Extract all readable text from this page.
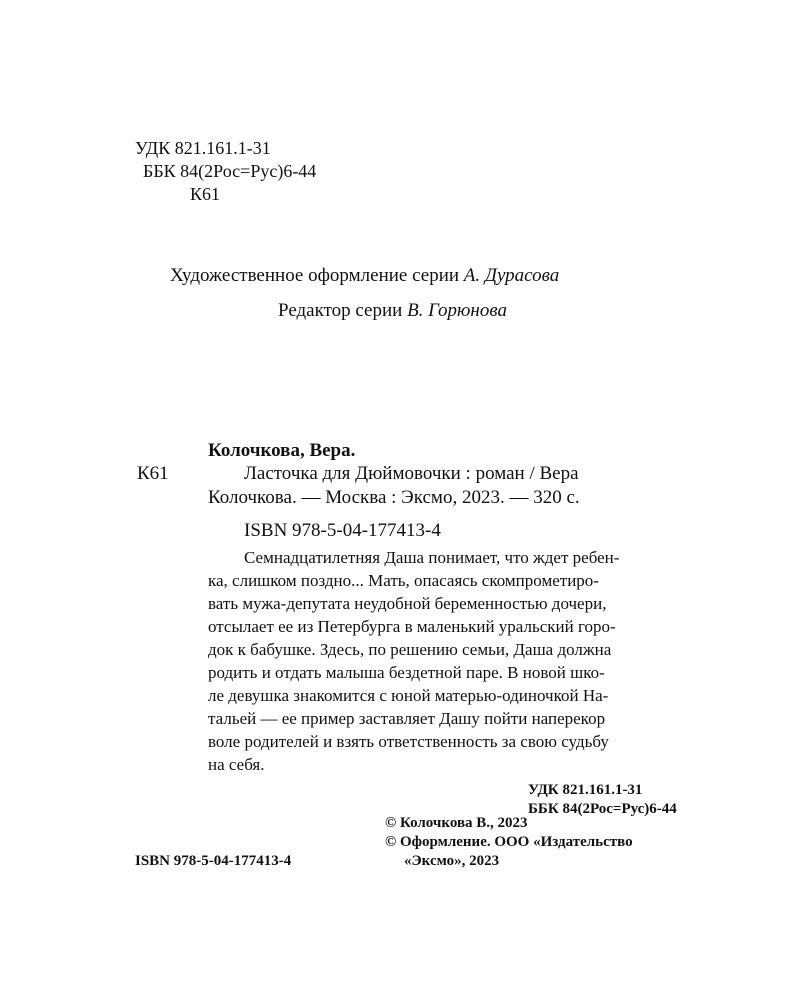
УДК 821.161.1-31
ББК 84(2Рос=Рус)6-44
К61
Художественное оформление серии А. Дурасова
Редактор серии В. Горюнова
Колочкова, Вера.
К61	Ласточка для Дюймовочки : роман / Вера
Колочкова. — Москва : Эксмо, 2023. — 320 с.
ISBN 978-5-04-177413-4
Семнадцатилетняя Даша понимает, что ждет ребен-
ка, слишком поздно... Мать, опасаясь скомпрометиро-
вать мужа-депутата неудобной беременностью дочери,
отсылает ее из Петербурга в маленький уральский горо-
док к бабушке. Здесь, по решению семьи, Даша должна
родить и отдать малыша бездетной паре. В новой шко-
ле девушка знакомится с юной матерью-одиночкой На-
тальей — ее пример заставляет Дашу пойти наперекор
воле родителей и взять ответственность за свою судьбу
на себя.
УДК 821.161.1-31
ББК 84(2Рос=Рус)6-44
ISBN 978-5-04-177413-4
© Колочкова В., 2023
© Оформление. ООО «Издательство
«Эксмо», 2023
